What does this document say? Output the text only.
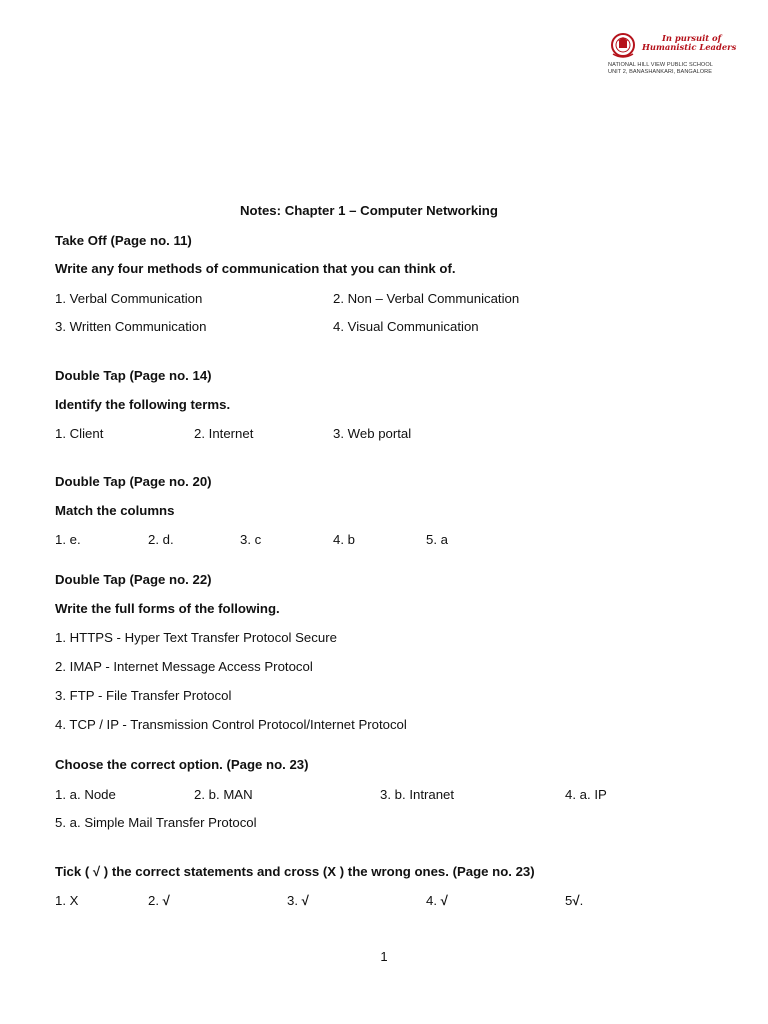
In pursuit of
Humanistic Leaders
NATIONAL HILL VIEW PUBLIC SCHOOL
UNIT 2, BANASHANKARI, BANGALORE
Notes: Chapter 1 – Computer Networking
Take Off (Page no. 11)
Write any four methods of communication that you can think of.
1. Verbal Communication	2. Non – Verbal Communication
3. Written Communication	4. Visual Communication
Double Tap (Page no. 14)
Identify the following terms.
1. Client	2. Internet	3. Web portal
Double Tap (Page no. 20)
Match the columns
1. e.	2. d.	3. c	4. b	5. a
Double Tap (Page no. 22)
Write the full forms of the following.
1. HTTPS - Hyper Text Transfer Protocol Secure
2. IMAP - Internet Message Access Protocol
3. FTP - File Transfer Protocol
4. TCP / IP - Transmission Control Protocol/Internet Protocol
Choose the correct option. (Page no. 23)
1. a. Node	2. b. MAN	3. b. Intranet	4. a. IP
5. a. Simple Mail Transfer Protocol
Tick ( √ ) the correct statements and cross (X ) the wrong ones. (Page no. 23)
1. X	2. √	3. √	4. √	5√.
1
